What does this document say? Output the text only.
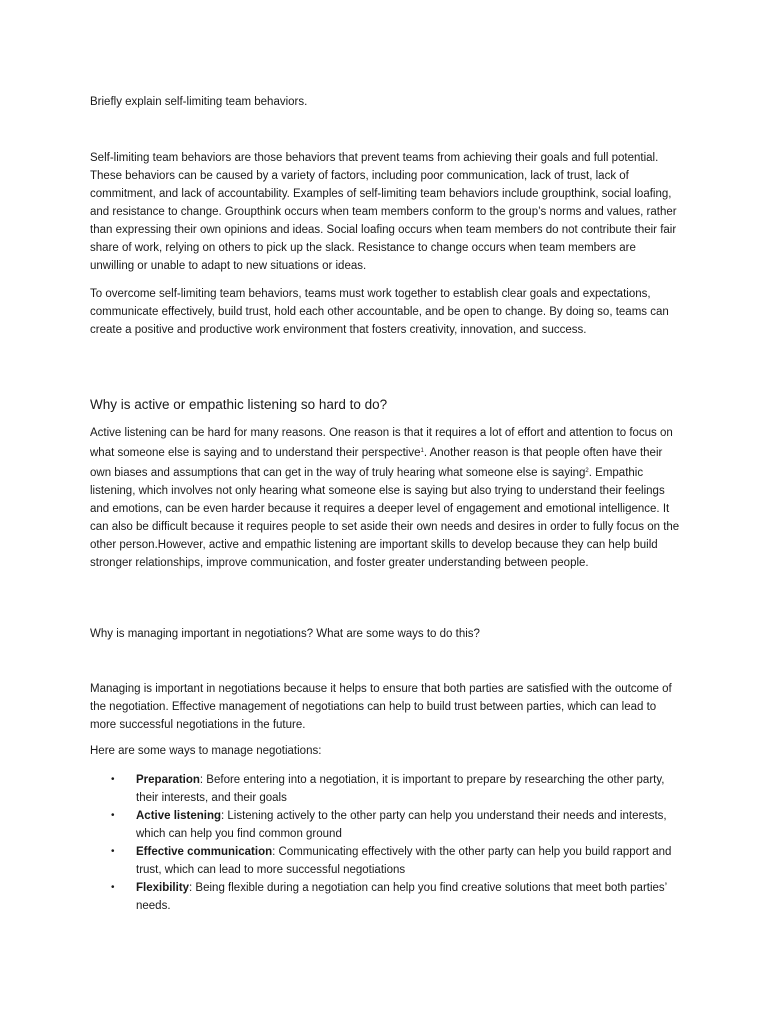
Briefly explain self-limiting team behaviors.

Self-limiting team behaviors are those behaviors that prevent teams from achieving their goals and full potential. These behaviors can be caused by a variety of factors, including poor communication, lack of trust, lack of commitment, and lack of accountability. Examples of self-limiting team behaviors include groupthink, social loafing, and resistance to change. Groupthink occurs when team members conform to the group’s norms and values, rather than expressing their own opinions and ideas. Social loafing occurs when team members do not contribute their fair share of work, relying on others to pick up the slack. Resistance to change occurs when team members are unwilling or unable to adapt to new situations or ideas.

To overcome self-limiting team behaviors, teams must work together to establish clear goals and expectations, communicate effectively, build trust, hold each other accountable, and be open to change. By doing so, teams can create a positive and productive work environment that fosters creativity, innovation, and success.

Why is active or empathic listening so hard to do?

Active listening can be hard for many reasons. One reason is that it requires a lot of effort and attention to focus on what someone else is saying and to understand their perspective$^1$. Another reason is that people often have their own biases and assumptions that can get in the way of truly hearing what someone else is saying$^2$. Empathic listening, which involves not only hearing what someone else is saying but also trying to understand their feelings and emotions, can be even harder because it requires a deeper level of engagement and emotional intelligence. It can also be difficult because it requires people to set aside their own needs and desires in order to fully focus on the other person.However, active and empathic listening are important skills to develop because they can help build stronger relationships, improve communication, and foster greater understanding between people.

Why is managing important in negotiations? What are some ways to do this?

Managing is important in negotiations because it helps to ensure that both parties are satisfied with the outcome of the negotiation. Effective management of negotiations can help to build trust between parties, which can lead to more successful negotiations in the future.

Here are some ways to manage negotiations:

• Preparation: Before entering into a negotiation, it is important to prepare by researching the other party, their interests, and their goals
• Active listening: Listening actively to the other party can help you understand their needs and interests, which can help you find common ground
• Effective communication: Communicating effectively with the other party can help you build rapport and trust, which can lead to more successful negotiations
• Flexibility: Being flexible during a negotiation can help you find creative solutions that meet both parties’ needs.
